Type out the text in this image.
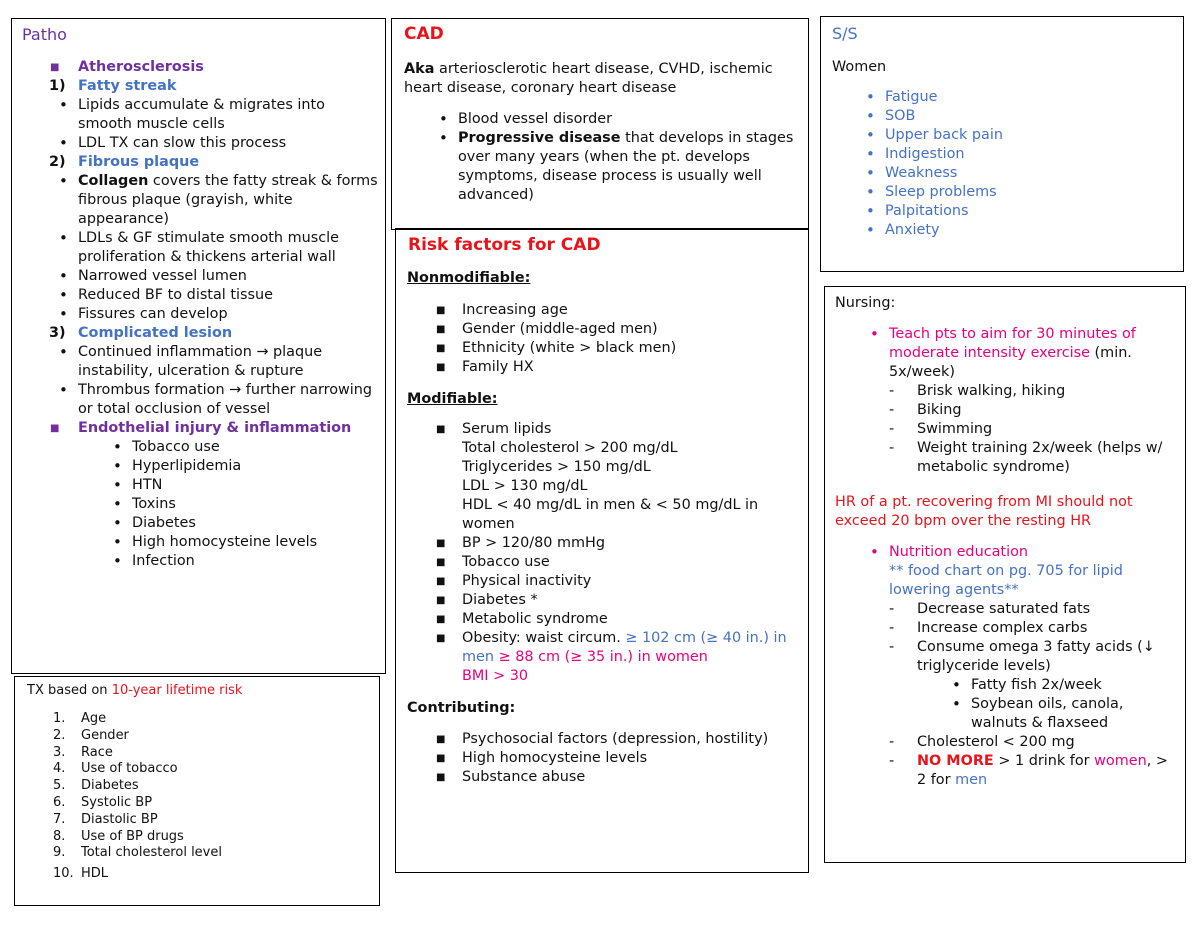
Patho
■ Atherosclerosis
1) Fatty streak
• Lipids accumulate & migrates into smooth muscle cells
• LDL TX can slow this process
2) Fibrous plaque
• Collagen covers the fatty streak & forms fibrous plaque (grayish, white appearance)
• LDLs & GF stimulate smooth muscle proliferation & thickens arterial wall
• Narrowed vessel lumen
• Reduced BF to distal tissue
• Fissures can develop
3) Complicated lesion
• Continued inflammation → plaque instability, ulceration & rupture
• Thrombus formation → further narrowing or total occlusion of vessel
■ Endothelial injury & inflammation
• Tobacco use
• Hyperlipidemia
• HTN
• Toxins
• Diabetes
• High homocysteine levels
• Infection
TX based on 10-year lifetime risk
1. Age
2. Gender
3. Race
4. Use of tobacco
5. Diabetes
6. Systolic BP
7. Diastolic BP
8. Use of BP drugs
9. Total cholesterol level
10. HDL
CAD
Aka arteriosclerotic heart disease, CVHD, ischemic heart disease, coronary heart disease
• Blood vessel disorder
• Progressive disease that develops in stages over many years (when the pt. develops symptoms, disease process is usually well advanced)
Risk factors for CAD
Nonmodifiable:
■ Increasing age
■ Gender (middle-aged men)
■ Ethnicity (white > black men)
■ Family HX
Modifiable:
■ Serum lipids
Total cholesterol > 200 mg/dL
Triglycerides > 150 mg/dL
LDL > 130 mg/dL
HDL < 40 mg/dL in men & < 50 mg/dL in women
■ BP > 120/80 mmHg
■ Tobacco use
■ Physical inactivity
■ Diabetes *
■ Metabolic syndrome
■ Obesity: waist circum. ≥ 102 cm (≥ 40 in.) in
men ≥ 88 cm (≥ 35 in.) in women
BMI > 30
Contributing:
■ Psychosocial factors (depression, hostility)
■ High homocysteine levels
■ Substance abuse
S/S
Women
• Fatigue
• SOB
• Upper back pain
• Indigestion
• Weakness
• Sleep problems
• Palpitations
• Anxiety
Nursing:
• Teach pts to aim for 30 minutes of moderate intensity exercise (min. 5x/week)
- Brisk walking, hiking
- Biking
- Swimming
- Weight training 2x/week (helps w/ metabolic syndrome)
HR of a pt. recovering from MI should not exceed 20 bpm over the resting HR
• Nutrition education
** food chart on pg. 705 for lipid lowering agents**
- Decrease saturated fats
- Increase complex carbs
- Consume omega 3 fatty acids (↓ triglyceride levels)
• Fatty fish 2x/week
• Soybean oils, canola, walnuts & flaxseed
- Cholesterol < 200 mg
- NO MORE > 1 drink for women, > 2 for men
